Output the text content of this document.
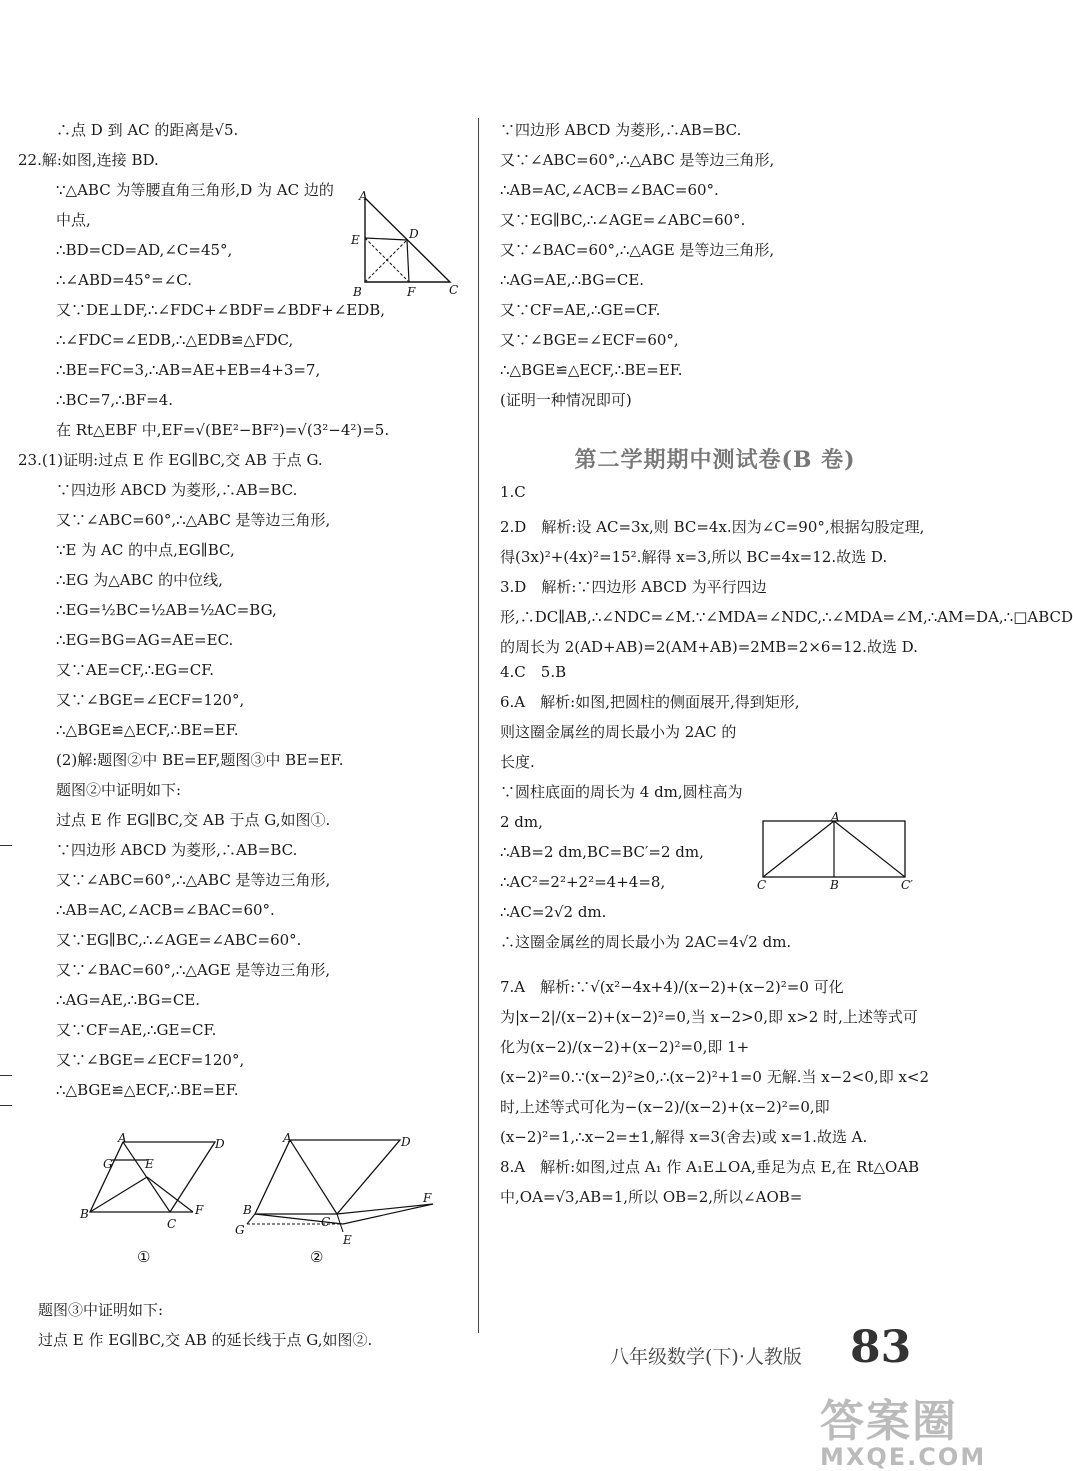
∴点 D 到 AC 的距离是√5.
22.解:如图,连接 BD.
∵△ABC 为等腰直角三角形,D 为 AC 边的
中点,
∴BD=CD=AD,∠C=45°,
∴∠ABD=45°=∠C.
又∵DE⊥DF,∴∠FDC+∠BDF=∠BDF+∠EDB,
∴∠FDC=∠EDB,∴△EDB≌△FDC,
∴BE=FC=3,∴AB=AE+EB=4+3=7,
∴BC=7,∴BF=4.
在 Rt△EBF 中,EF=√(BE²−BF²)=√(3²−4²)=5.
23.(1)证明:过点 E 作 EG∥BC,交 AB 于点 G.
∵四边形 ABCD 为菱形,∴AB=BC.
又∵∠ABC=60°,∴△ABC 是等边三角形,
∵E 为 AC 的中点,EG∥BC,
∴EG 为△ABC 的中位线,
∴EG=½BC=½AB=½AC=BG,
∴EG=BG=AG=AE=EC.
又∵AE=CF,∴EG=CF.
又∵∠BGE=∠ECF=120°,
∴△BGE≌△ECF,∴BE=EF.
(2)解:题图②中 BE=EF,题图③中 BE=EF.
题图②中证明如下:
过点 E 作 EG∥BC,交 AB 于点 G,如图①.
∵四边形 ABCD 为菱形,∴AB=BC.
又∵∠ABC=60°,∴△ABC 是等边三角形,
∴AB=AC,∠ACB=∠BAC=60°.
又∵EG∥BC,∴∠AGE=∠ABC=60°.
又∵∠BAC=60°,∴△AGE 是等边三角形,
∴AG=AE,∴BG=CE.
又∵CF=AE,∴GE=CF.
又∵∠BGE=∠ECF=120°,
∴△BGE≌△ECF,∴BE=EF.
A
E	D
B	F	C
A	D
G	E
B
C
F
①
A	D
B
G
C
E
F
②
题图③中证明如下:
过点 E 作 EG∥BC,交 AB 的延长线于点 G,如图②.
∵四边形 ABCD 为菱形,∴AB=BC.
又∵∠ABC=60°,∴△ABC 是等边三角形,
∴AB=AC,∠ACB=∠BAC=60°.
又∵EG∥BC,∴∠AGE=∠ABC=60°.
又∵∠BAC=60°,∴△AGE 是等边三角形,
∴AG=AE,∴BG=CE.
又∵CF=AE,∴GE=CF.
又∵∠BGE=∠ECF=60°,
∴△BGE≌△ECF,∴BE=EF.
(证明一种情况即可)
第二学期期中测试卷(B 卷)
1.C
2.D　解析:设 AC=3x,则 BC=4x.因为∠C=90°,根据勾股定理,得(3x)²+(4x)²=15².解得 x=3,所以 BC=4x=12.故选 D.
3.D　解析:∵四边形 ABCD 为平行四边形,∴DC∥AB,∴∠NDC=∠M.∵∠MDA=∠NDC,∴∠MDA=∠M,∴AM=DA,∴□ABCD 的周长为 2(AD+AB)=2(AM+AB)=2MB=2×6=12.故选 D.
4.C　5.B
6.A　解析:如图,把圆柱的侧面展开,得到矩形,
则这圈金属丝的周长最小为 2AC 的
长度.
∵圆柱底面的周长为 4 dm,圆柱高为
2 dm,
∴AB=2 dm,BC=BC′=2 dm,
∴AC²=2²+2²=4+4=8,
∴AC=2√2 dm.
∴这圈金属丝的周长最小为 2AC=4√2 dm.
7.A　解析:∵√(x²−4x+4)/(x−2)+(x−2)²=0 可化为|x−2|/(x−2)+(x−2)²=0,当 x−2>0,即 x>2 时,上述等式可化为(x−2)/(x−2)+(x−2)²=0,即 1+(x−2)²=0.∵(x−2)²≥0,∴(x−2)²+1=0 无解.当 x−2<0,即 x<2 时,上述等式可化为−(x−2)/(x−2)+(x−2)²=0,即(x−2)²=1,∴x−2=±1,解得 x=3(舍去)或 x=1.故选 A.
8.A　解析:如图,过点 A₁ 作 A₁E⊥OA,垂足为点 E,在 Rt△OAB 中,OA=√3,AB=1,所以 OB=2,所以∠AOB=
A
C	B	C′
八年级数学(下)·人教版 83
答案圈
MXQE.COM
